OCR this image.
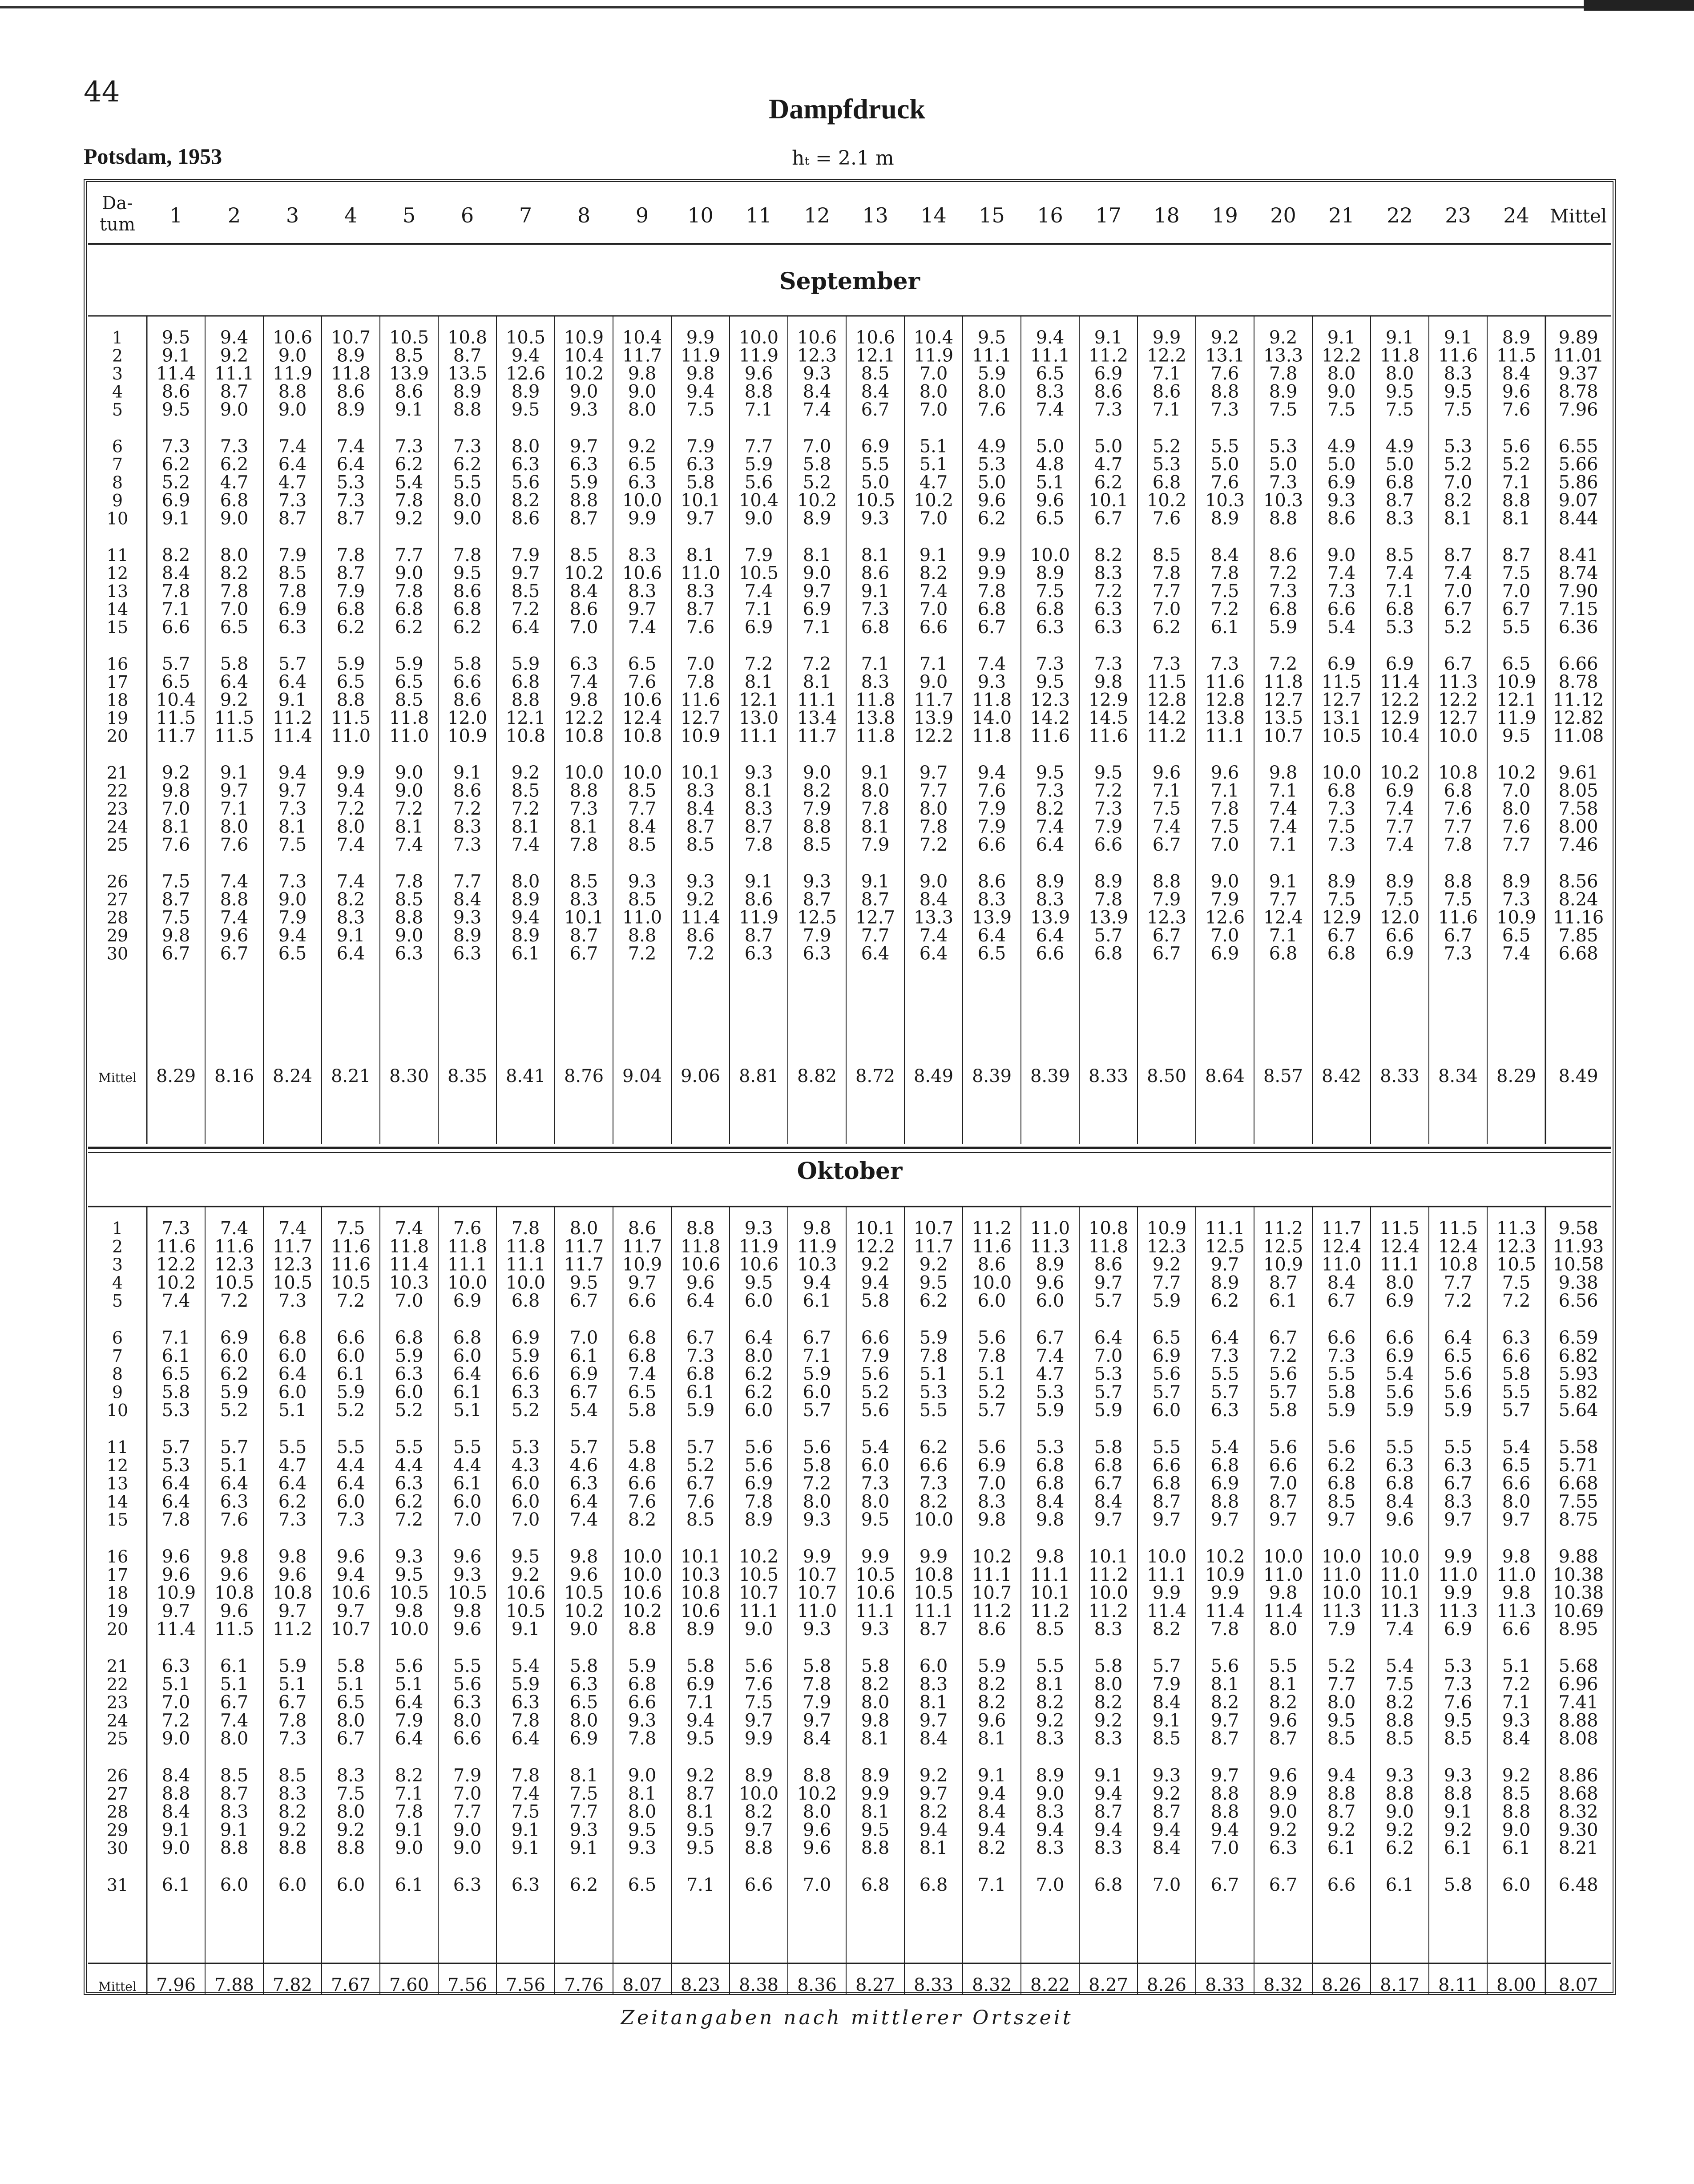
44
Dampfdruck
Potsdam, 1953	hₜ = 2.1 m
Da-
tum 1 2 3 4 5 6 7 8 9 10 11 12 13 14 15 16 17 18 19 20 21 22 23 24 Mittel
September
1 9.5 9.4 10.6 10.7 10.5 10.8 10.5 10.9 10.4 9.9 10.0 10.6 10.6 10.4 9.5 9.4 9.1 9.9 9.2 9.2 9.1 9.1 9.1 8.9 9.89
2 9.1 9.2 9.0 8.9 8.5 8.7 9.4 10.4 11.7 11.9 11.9 12.3 12.1 11.9 11.1 11.1 11.2 12.2 13.1 13.3 12.2 11.8 11.6 11.5 11.01
3 11.4 11.1 11.9 11.8 13.9 13.5 12.6 10.2 9.8 9.8 9.6 9.3 8.5 7.0 5.9 6.5 6.9 7.1 7.6 7.8 8.0 8.0 8.3 8.4 9.37
4 8.6 8.7 8.8 8.6 8.6 8.9 8.9 9.0 9.0 9.4 8.8 8.4 8.4 8.0 8.0 8.3 8.6 8.6 8.8 8.9 9.0 9.5 9.5 9.6 8.78
5 9.5 9.0 9.0 8.9 9.1 8.8 9.5 9.3 8.0 7.5 7.1 7.4 6.7 7.0 7.6 7.4 7.3 7.1 7.3 7.5 7.5 7.5 7.5 7.6 7.96
6 7.3 7.3 7.4 7.4 7.3 7.3 8.0 9.7 9.2 7.9 7.7 7.0 6.9 5.1 4.9 5.0 5.0 5.2 5.5 5.3 4.9 4.9 5.3 5.6 6.55
7 6.2 6.2 6.4 6.4 6.2 6.2 6.3 6.3 6.5 6.3 5.9 5.8 5.5 5.1 5.3 4.8 4.7 5.3 5.0 5.0 5.0 5.0 5.2 5.2 5.66
8 5.2 4.7 4.7 5.3 5.4 5.5 5.6 5.9 6.3 5.8 5.6 5.2 5.0 4.7 5.0 5.1 6.2 6.8 7.6 7.3 6.9 6.8 7.0 7.1 5.86
9 6.9 6.8 7.3 7.3 7.8 8.0 8.2 8.8 10.0 10.1 10.4 10.2 10.5 10.2 9.6 9.6 10.1 10.2 10.3 10.3 9.3 8.7 8.2 8.8 9.07
10 9.1 9.0 8.7 8.7 9.2 9.0 8.6 8.7 9.9 9.7 9.0 8.9 9.3 7.0 6.2 6.5 6.7 7.6 8.9 8.8 8.6 8.3 8.1 8.1 8.44
11 8.2 8.0 7.9 7.8 7.7 7.8 7.9 8.5 8.3 8.1 7.9 8.1 8.1 9.1 9.9 10.0 8.2 8.5 8.4 8.6 9.0 8.5 8.7 8.7 8.41
12 8.4 8.2 8.5 8.7 9.0 9.5 9.7 10.2 10.6 11.0 10.5 9.0 8.6 8.2 9.9 8.9 8.3 7.8 7.8 7.2 7.4 7.4 7.4 7.5 8.74
13 7.8 7.8 7.8 7.9 7.8 8.6 8.5 8.4 8.3 8.3 7.4 9.7 9.1 7.4 7.8 7.5 7.2 7.7 7.5 7.3 7.3 7.1 7.0 7.0 7.90
14 7.1 7.0 6.9 6.8 6.8 6.8 7.2 8.6 9.7 8.7 7.1 6.9 7.3 7.0 6.8 6.8 6.3 7.0 7.2 6.8 6.6 6.8 6.7 6.7 7.15
15 6.6 6.5 6.3 6.2 6.2 6.2 6.4 7.0 7.4 7.6 6.9 7.1 6.8 6.6 6.7 6.3 6.3 6.2 6.1 5.9 5.4 5.3 5.2 5.5 6.36
16 5.7 5.8 5.7 5.9 5.9 5.8 5.9 6.3 6.5 7.0 7.2 7.2 7.1 7.1 7.4 7.3 7.3 7.3 7.3 7.2 6.9 6.9 6.7 6.5 6.66
17 6.5 6.4 6.4 6.5 6.5 6.6 6.8 7.4 7.6 7.8 8.1 8.1 8.3 9.0 9.3 9.5 9.8 11.5 11.6 11.8 11.5 11.4 11.3 10.9 8.78
18 10.4 9.2 9.1 8.8 8.5 8.6 8.8 9.8 10.6 11.6 12.1 11.1 11.8 11.7 11.8 12.3 12.9 12.8 12.8 12.7 12.7 12.2 12.2 12.1 11.12
19 11.5 11.5 11.2 11.5 11.8 12.0 12.1 12.2 12.4 12.7 13.0 13.4 13.8 13.9 14.0 14.2 14.5 14.2 13.8 13.5 13.1 12.9 12.7 11.9 12.82
20 11.7 11.5 11.4 11.0 11.0 10.9 10.8 10.8 10.8 10.9 11.1 11.7 11.8 12.2 11.8 11.6 11.6 11.2 11.1 10.7 10.5 10.4 10.0 9.5 11.08
21 9.2 9.1 9.4 9.9 9.0 9.1 9.2 10.0 10.0 10.1 9.3 9.0 9.1 9.7 9.4 9.5 9.5 9.6 9.6 9.8 10.0 10.2 10.8 10.2 9.61
22 9.8 9.7 9.7 9.4 9.0 8.6 8.5 8.8 8.5 8.3 8.1 8.2 8.0 7.7 7.6 7.3 7.2 7.1 7.1 7.1 6.8 6.9 6.8 7.0 8.05
23 7.0 7.1 7.3 7.2 7.2 7.2 7.2 7.3 7.7 8.4 8.3 7.9 7.8 8.0 7.9 8.2 7.3 7.5 7.8 7.4 7.3 7.4 7.6 8.0 7.58
24 8.1 8.0 8.1 8.0 8.1 8.3 8.1 8.1 8.4 8.7 8.7 8.8 8.1 7.8 7.9 7.4 7.9 7.4 7.5 7.4 7.5 7.7 7.7 7.6 8.00
25 7.6 7.6 7.5 7.4 7.4 7.3 7.4 7.8 8.5 8.5 7.8 8.5 7.9 7.2 6.6 6.4 6.6 6.7 7.0 7.1 7.3 7.4 7.8 7.7 7.46
26 7.5 7.4 7.3 7.4 7.8 7.7 8.0 8.5 9.3 9.3 9.1 9.3 9.1 9.0 8.6 8.9 8.9 8.8 9.0 9.1 8.9 8.9 8.8 8.9 8.56
27 8.7 8.8 9.0 8.2 8.5 8.4 8.9 8.3 8.5 9.2 8.6 8.7 8.7 8.4 8.3 8.3 7.8 7.9 7.9 7.7 7.5 7.5 7.5 7.3 8.24
28 7.5 7.4 7.9 8.3 8.8 9.3 9.4 10.1 11.0 11.4 11.9 12.5 12.7 13.3 13.9 13.9 13.9 12.3 12.6 12.4 12.9 12.0 11.6 10.9 11.16
29 9.8 9.6 9.4 9.1 9.0 8.9 8.9 8.7 8.8 8.6 8.7 7.9 7.7 7.4 6.4 6.4 5.7 6.7 7.0 7.1 6.7 6.6 6.7 6.5 7.85
30 6.7 6.7 6.5 6.4 6.3 6.3 6.1 6.7 7.2 7.2 6.3 6.3 6.4 6.4 6.5 6.6 6.8 6.7 6.9 6.8 6.8 6.9 7.3 7.4 6.68
Mittel 8.29 8.16 8.24 8.21 8.30 8.35 8.41 8.76 9.04 9.06 8.81 8.82 8.72 8.49 8.39 8.39 8.33 8.50 8.64 8.57 8.42 8.33 8.34 8.29 8.49
Oktober
1 7.3 7.4 7.4 7.5 7.4 7.6 7.8 8.0 8.6 8.8 9.3 9.8 10.1 10.7 11.2 11.0 10.8 10.9 11.1 11.2 11.7 11.5 11.5 11.3 9.58
2 11.6 11.6 11.7 11.6 11.8 11.8 11.8 11.7 11.7 11.8 11.9 11.9 12.2 11.7 11.6 11.3 11.8 12.3 12.5 12.5 12.4 12.4 12.4 12.3 11.93
3 12.2 12.3 12.3 11.6 11.4 11.1 11.1 11.7 10.9 10.6 10.6 10.3 9.2 9.2 8.6 8.9 8.6 9.2 9.7 10.9 11.0 11.1 10.8 10.5 10.58
4 10.2 10.5 10.5 10.5 10.3 10.0 10.0 9.5 9.7 9.6 9.5 9.4 9.4 9.5 10.0 9.6 9.7 7.7 8.9 8.7 8.4 8.0 7.7 7.5 9.38
5 7.4 7.2 7.3 7.2 7.0 6.9 6.8 6.7 6.6 6.4 6.0 6.1 5.8 6.2 6.0 6.0 5.7 5.9 6.2 6.1 6.7 6.9 7.2 7.2 6.56
6 7.1 6.9 6.8 6.6 6.8 6.8 6.9 7.0 6.8 6.7 6.4 6.7 6.6 5.9 5.6 6.7 6.4 6.5 6.4 6.7 6.6 6.6 6.4 6.3 6.59
7 6.1 6.0 6.0 6.0 5.9 6.0 5.9 6.1 6.8 7.3 8.0 7.1 7.9 7.8 7.8 7.4 7.0 6.9 7.3 7.2 7.3 6.9 6.5 6.6 6.82
8 6.5 6.2 6.4 6.1 6.3 6.4 6.6 6.9 7.4 6.8 6.2 5.9 5.6 5.1 5.1 4.7 5.3 5.6 5.5 5.6 5.5 5.4 5.6 5.8 5.93
9 5.8 5.9 6.0 5.9 6.0 6.1 6.3 6.7 6.5 6.1 6.2 6.0 5.2 5.3 5.2 5.3 5.7 5.7 5.7 5.7 5.8 5.6 5.6 5.5 5.82
10 5.3 5.2 5.1 5.2 5.2 5.1 5.2 5.4 5.8 5.9 6.0 5.7 5.6 5.5 5.7 5.9 5.9 6.0 6.3 5.8 5.9 5.9 5.9 5.7 5.64
11 5.7 5.7 5.5 5.5 5.5 5.5 5.3 5.7 5.8 5.7 5.6 5.6 5.4 6.2 5.6 5.3 5.8 5.5 5.4 5.6 5.6 5.5 5.5 5.4 5.58
12 5.3 5.1 4.7 4.4 4.4 4.4 4.3 4.6 4.8 5.2 5.6 5.8 6.0 6.6 6.9 6.8 6.8 6.6 6.8 6.6 6.2 6.3 6.3 6.5 5.71
13 6.4 6.4 6.4 6.4 6.3 6.1 6.0 6.3 6.6 6.7 6.9 7.2 7.3 7.3 7.0 6.8 6.7 6.8 6.9 7.0 6.8 6.8 6.7 6.6 6.68
14 6.4 6.3 6.2 6.0 6.2 6.0 6.0 6.4 7.6 7.6 7.8 8.0 8.0 8.2 8.3 8.4 8.4 8.7 8.8 8.7 8.5 8.4 8.3 8.0 7.55
15 7.8 7.6 7.3 7.3 7.2 7.0 7.0 7.4 8.2 8.5 8.9 9.3 9.5 10.0 9.8 9.8 9.7 9.7 9.7 9.7 9.7 9.6 9.7 9.7 8.75
16 9.6 9.8 9.8 9.6 9.3 9.6 9.5 9.8 10.0 10.1 10.2 9.9 9.9 9.9 10.2 9.8 10.1 10.0 10.2 10.0 10.0 10.0 9.9 9.8 9.88
17 9.6 9.6 9.6 9.4 9.5 9.3 9.2 9.6 10.0 10.3 10.5 10.7 10.5 10.8 11.1 11.1 11.2 11.1 10.9 11.0 11.0 11.0 11.0 11.0 10.38
18 10.9 10.8 10.8 10.6 10.5 10.5 10.6 10.5 10.6 10.8 10.7 10.7 10.6 10.5 10.7 10.1 10.0 9.9 9.9 9.8 10.0 10.1 9.9 9.8 10.38
19 9.7 9.6 9.7 9.7 9.8 9.8 10.5 10.2 10.2 10.6 11.1 11.0 11.1 11.1 11.2 11.2 11.2 11.4 11.4 11.4 11.3 11.3 11.3 11.3 10.69
20 11.4 11.5 11.2 10.7 10.0 9.6 9.1 9.0 8.8 8.9 9.0 9.3 9.3 8.7 8.6 8.5 8.3 8.2 7.8 8.0 7.9 7.4 6.9 6.6 8.95
21 6.3 6.1 5.9 5.8 5.6 5.5 5.4 5.8 5.9 5.8 5.6 5.8 5.8 6.0 5.9 5.5 5.8 5.7 5.6 5.5 5.2 5.4 5.3 5.1 5.68
22 5.1 5.1 5.1 5.1 5.1 5.6 5.9 6.3 6.8 6.9 7.6 7.8 8.2 8.3 8.2 8.1 8.0 7.9 8.1 8.1 7.7 7.5 7.3 7.2 6.96
23 7.0 6.7 6.7 6.5 6.4 6.3 6.3 6.5 6.6 7.1 7.5 7.9 8.0 8.1 8.2 8.2 8.2 8.4 8.2 8.2 8.0 8.2 7.6 7.1 7.41
24 7.2 7.4 7.8 8.0 7.9 8.0 7.8 8.0 9.3 9.4 9.7 9.7 9.8 9.7 9.6 9.2 9.2 9.1 9.7 9.6 9.5 8.8 9.5 9.3 8.88
25 9.0 8.0 7.3 6.7 6.4 6.6 6.4 6.9 7.8 9.5 9.9 8.4 8.1 8.4 8.1 8.3 8.3 8.5 8.7 8.7 8.5 8.5 8.5 8.4 8.08
26 8.4 8.5 8.5 8.3 8.2 7.9 7.8 8.1 9.0 9.2 8.9 8.8 8.9 9.2 9.1 8.9 9.1 9.3 9.7 9.6 9.4 9.3 9.3 9.2 8.86
27 8.8 8.7 8.3 7.5 7.1 7.0 7.4 7.5 8.1 8.7 10.0 10.2 9.9 9.7 9.4 9.0 9.4 9.2 8.8 8.9 8.8 8.8 8.8 8.5 8.68
28 8.4 8.3 8.2 8.0 7.8 7.7 7.5 7.7 8.0 8.1 8.2 8.0 8.1 8.2 8.4 8.3 8.7 8.7 8.8 9.0 8.7 9.0 9.1 8.8 8.32
29 9.1 9.1 9.2 9.2 9.1 9.0 9.1 9.3 9.5 9.5 9.7 9.6 9.5 9.4 9.4 9.4 9.4 9.4 9.4 9.2 9.2 9.2 9.2 9.0 9.30
30 9.0 8.8 8.8 8.8 9.0 9.0 9.1 9.1 9.3 9.5 8.8 9.6 8.8 8.1 8.2 8.3 8.3 8.4 7.0 6.3 6.1 6.2 6.1 6.1 8.21
31 6.1 6.0 6.0 6.0 6.1 6.3 6.3 6.2 6.5 7.1 6.6 7.0 6.8 6.8 7.1 7.0 6.8 7.0 6.7 6.7 6.6 6.1 5.8 6.0 6.48
Mittel 7.96 7.88 7.82 7.67 7.60 7.56 7.56 7.76 8.07 8.23 8.38 8.36 8.27 8.33 8.32 8.22 8.27 8.26 8.33 8.32 8.26 8.17 8.11 8.00 8.07
Zeitangaben nach mittlerer Ortszeit
